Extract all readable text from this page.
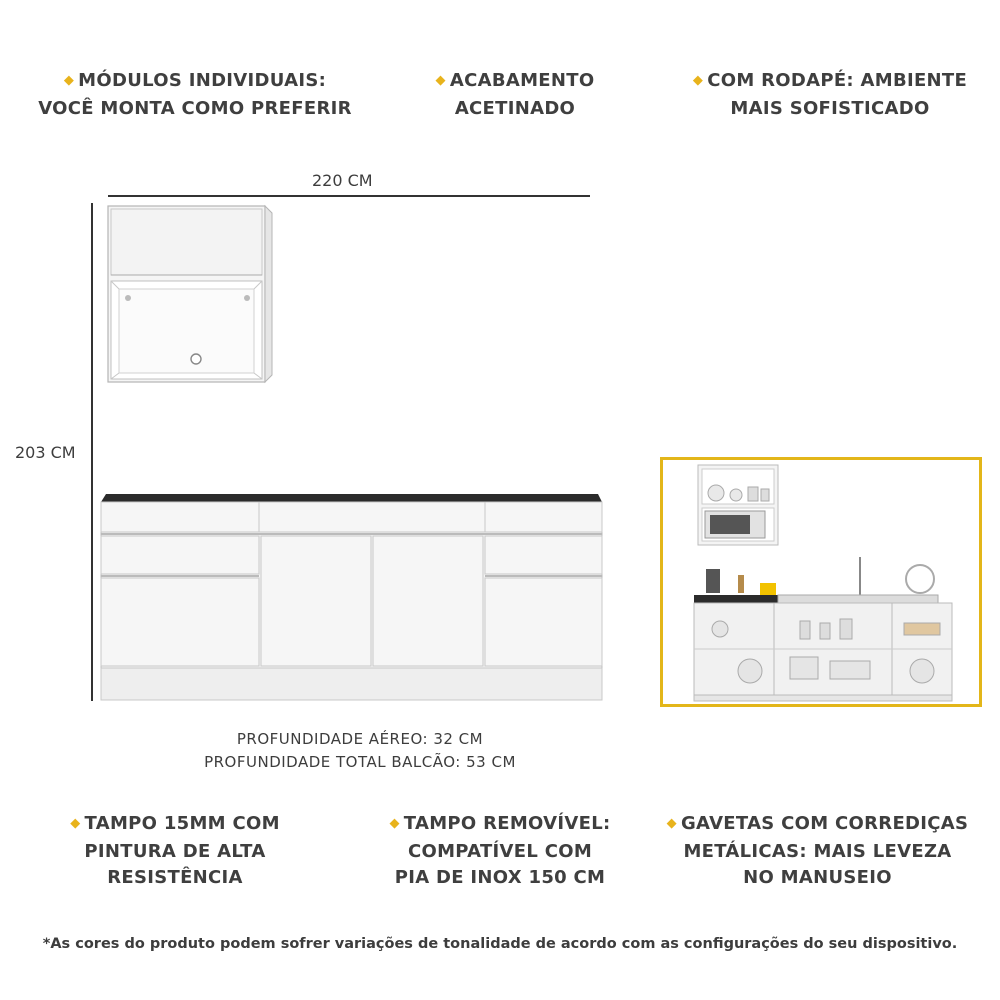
◆ MÓDULOS INDIVIDUAIS:
VOCÊ MONTA COMO PREFERIR
◆ ACABAMENTO
ACETINADO
◆ COM RODAPÉ: AMBIENTE
MAIS SOFISTICADO
220 CM
203 CM
PROFUNDIDADE AÉREO: 32 CM
PROFUNDIDADE TOTAL BALCÃO: 53 CM
◆ TAMPO 15MM COM
PINTURA DE ALTA
RESISTÊNCIA
◆ TAMPO REMOVÍVEL:
COMPATÍVEL COM
PIA DE INOX 150 CM
◆ GAVETAS COM CORREDIÇAS
METÁLICAS: MAIS LEVEZA
NO MANUSEIO
*As cores do produto podem sofrer variações de tonalidade de acordo com as configurações do seu dispositivo.
